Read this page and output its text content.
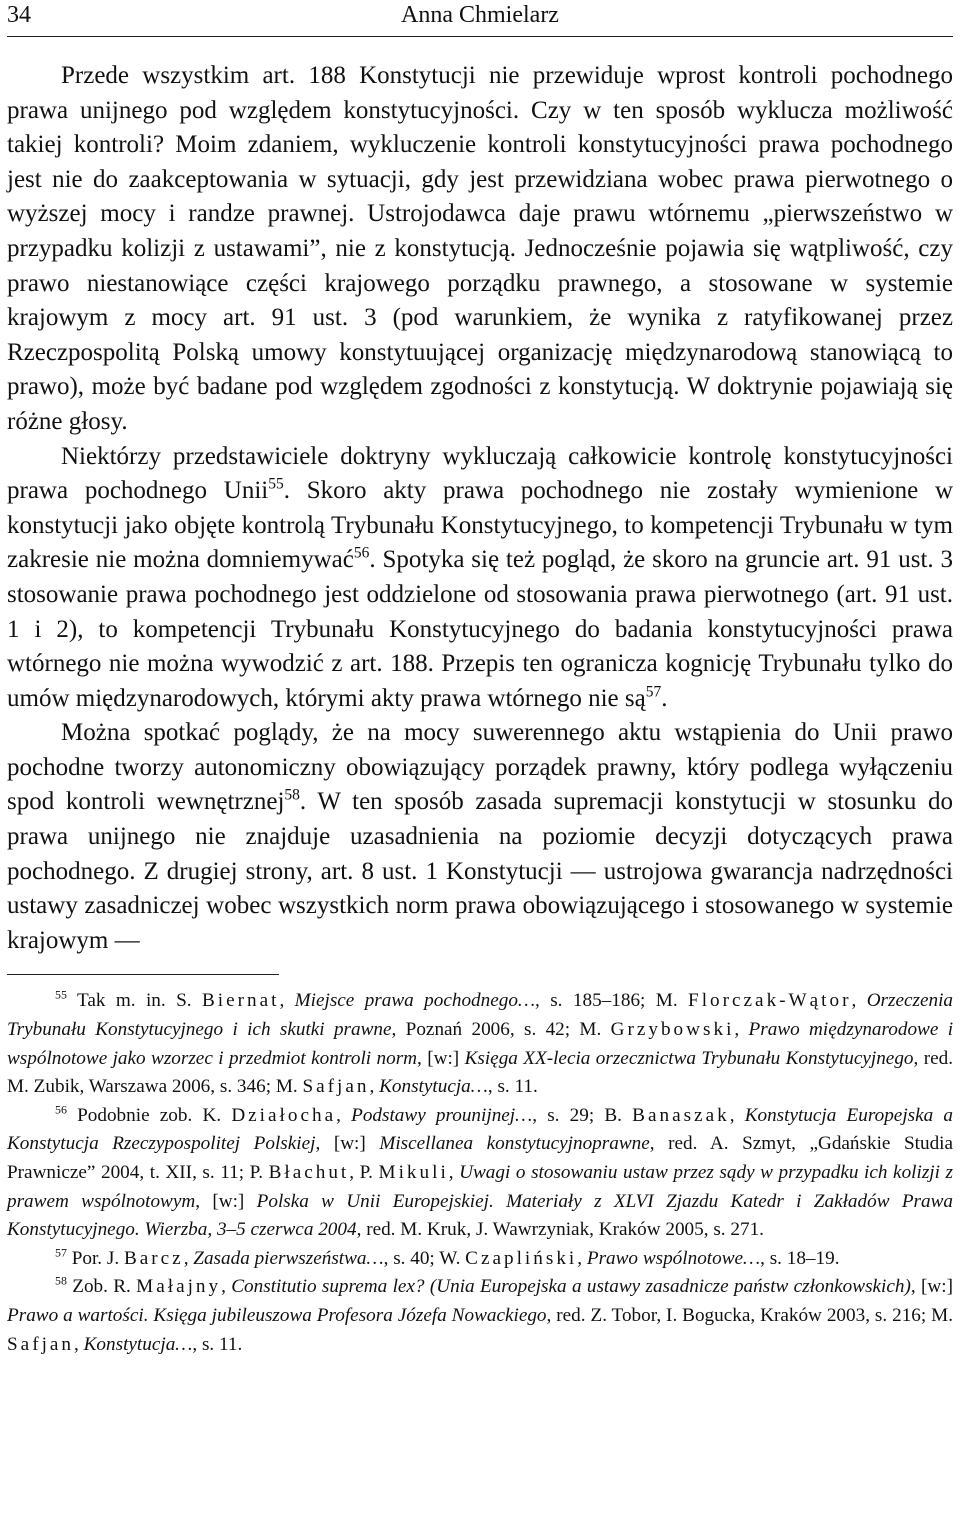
34	Anna Chmielarz

Przede wszystkim art. 188 Konstytucji nie przewiduje wprost kontroli pochodnego prawa unijnego pod względem konstytucyjności. Czy w ten sposób wyklucza możliwość takiej kontroli? Moim zdaniem, wykluczenie kontroli konstytucyjności prawa pochodnego jest nie do zaakceptowania w sytuacji, gdy jest przewidziana wobec prawa pierwotnego o wyższej mocy i randze prawnej. Ustrojodawca daje prawu wtórnemu „pierwszeństwo w przypadku kolizji z ustawami”, nie z konstytucją. Jednocześnie pojawia się wątpliwość, czy prawo niestanowiące części krajowego porządku prawnego, a stosowane w systemie krajowym z mocy art. 91 ust. 3 (pod warunkiem, że wynika z ratyfikowanej przez Rzeczpospolitą Polską umowy konstytuującej organizację międzynarodową stanowiącą to prawo), może być badane pod względem zgodności z konstytucją. W doktrynie pojawiają się różne głosy.

Niektórzy przedstawiciele doktryny wykluczają całkowicie kontrolę konstytucyjności prawa pochodnego Unii$^{55}$. Skoro akty prawa pochodnego nie zostały wymienione w konstytucji jako objęte kontrolą Trybunału Konstytucyjnego, to kompetencji Trybunału w tym zakresie nie można domniemywać$^{56}$. Spotyka się też pogląd, że skoro na gruncie art. 91 ust. 3 stosowanie prawa pochodnego jest oddzielone od stosowania prawa pierwotnego (art. 91 ust. 1 i 2), to kompetencji Trybunału Konstytucyjnego do badania konstytucyjności prawa wtórnego nie można wywodzić z art. 188. Przepis ten ogranicza kognicję Trybunału tylko do umów międzynarodowych, którymi akty prawa wtórnego nie $są^{57}$.

Można spotkać poglądy, że na mocy suwerennego aktu wstąpienia do Unii prawo pochodne tworzy autonomiczny obowiązujący porządek prawny, który podlega wyłączeniu spod kontroli wewnętrznej$^{58}$. W ten sposób zasada supremacji konstytucji w stosunku do prawa unijnego nie znajduje uzasadnienia na poziomie decyzji dotyczących prawa pochodnego. Z drugiej strony, art. 8 ust. 1 Konstytucji — ustrojowa gwarancja nadrzędności ustawy zasadniczej wobec wszystkich norm prawa obowiązującego i stosowanego w systemie krajowym —

$^{55}$ Tak m. in. S. Biernat, Miejsce prawa pochodnego…, s. 185–186; M. Florczak-Wątor, Orzeczenia Trybunału Konstytucyjnego i ich skutki prawne, Poznań 2006, s. 42; M. Grzybowski, Prawo międzynarodowe i wspólnotowe jako wzorzec i przedmiot kontroli norm, [w:] Księga XX-lecia orzecznictwa Trybunału Konstytucyjnego, red. M. Zubik, Warszawa 2006, s. 346; M. Safjan, Konstytucja…, s. 11.

$^{56}$ Podobnie zob. K. Działocha, Podstawy prounijnej…, s. 29; B. Banaszak, Konstytucja Europejska a Konstytucja Rzeczypospolitej Polskiej, [w:] Miscellanea konstytucyjnoprawne, red. A. Szmyt, „Gdańskie Studia Prawnicze” 2004, t. XII, s. 11; P. Błachut, P. Mikuli, Uwagi o stosowaniu ustaw przez sądy w przypadku ich kolizji z prawem wspólnotowym, [w:] Polska w Unii Europejskiej. Materiały z XLVI Zjazdu Katedr i Zakładów Prawa Konstytucyjnego. Wierzba, 3–5 czerwca 2004, red. M. Kruk, J. Wawrzyniak, Kraków 2005, s. 271.

$^{57}$ Por. J. Barcz, Zasada pierwszeństwa…, s. 40; W. Czapliński, Prawo wspólnotowe…, s. 18–19.

$^{58}$ Zob. R. Małajny, Constitutio suprema lex? (Unia Europejska a ustawy zasadnicze państw członkowskich), [w:] Prawo a wartości. Księga jubileuszowa Profesora Józefa Nowackiego, red. Z. Tobor, I. Bogucka, Kraków 2003, s. 216; M. Safjan, Konstytucja…, s. 11.
